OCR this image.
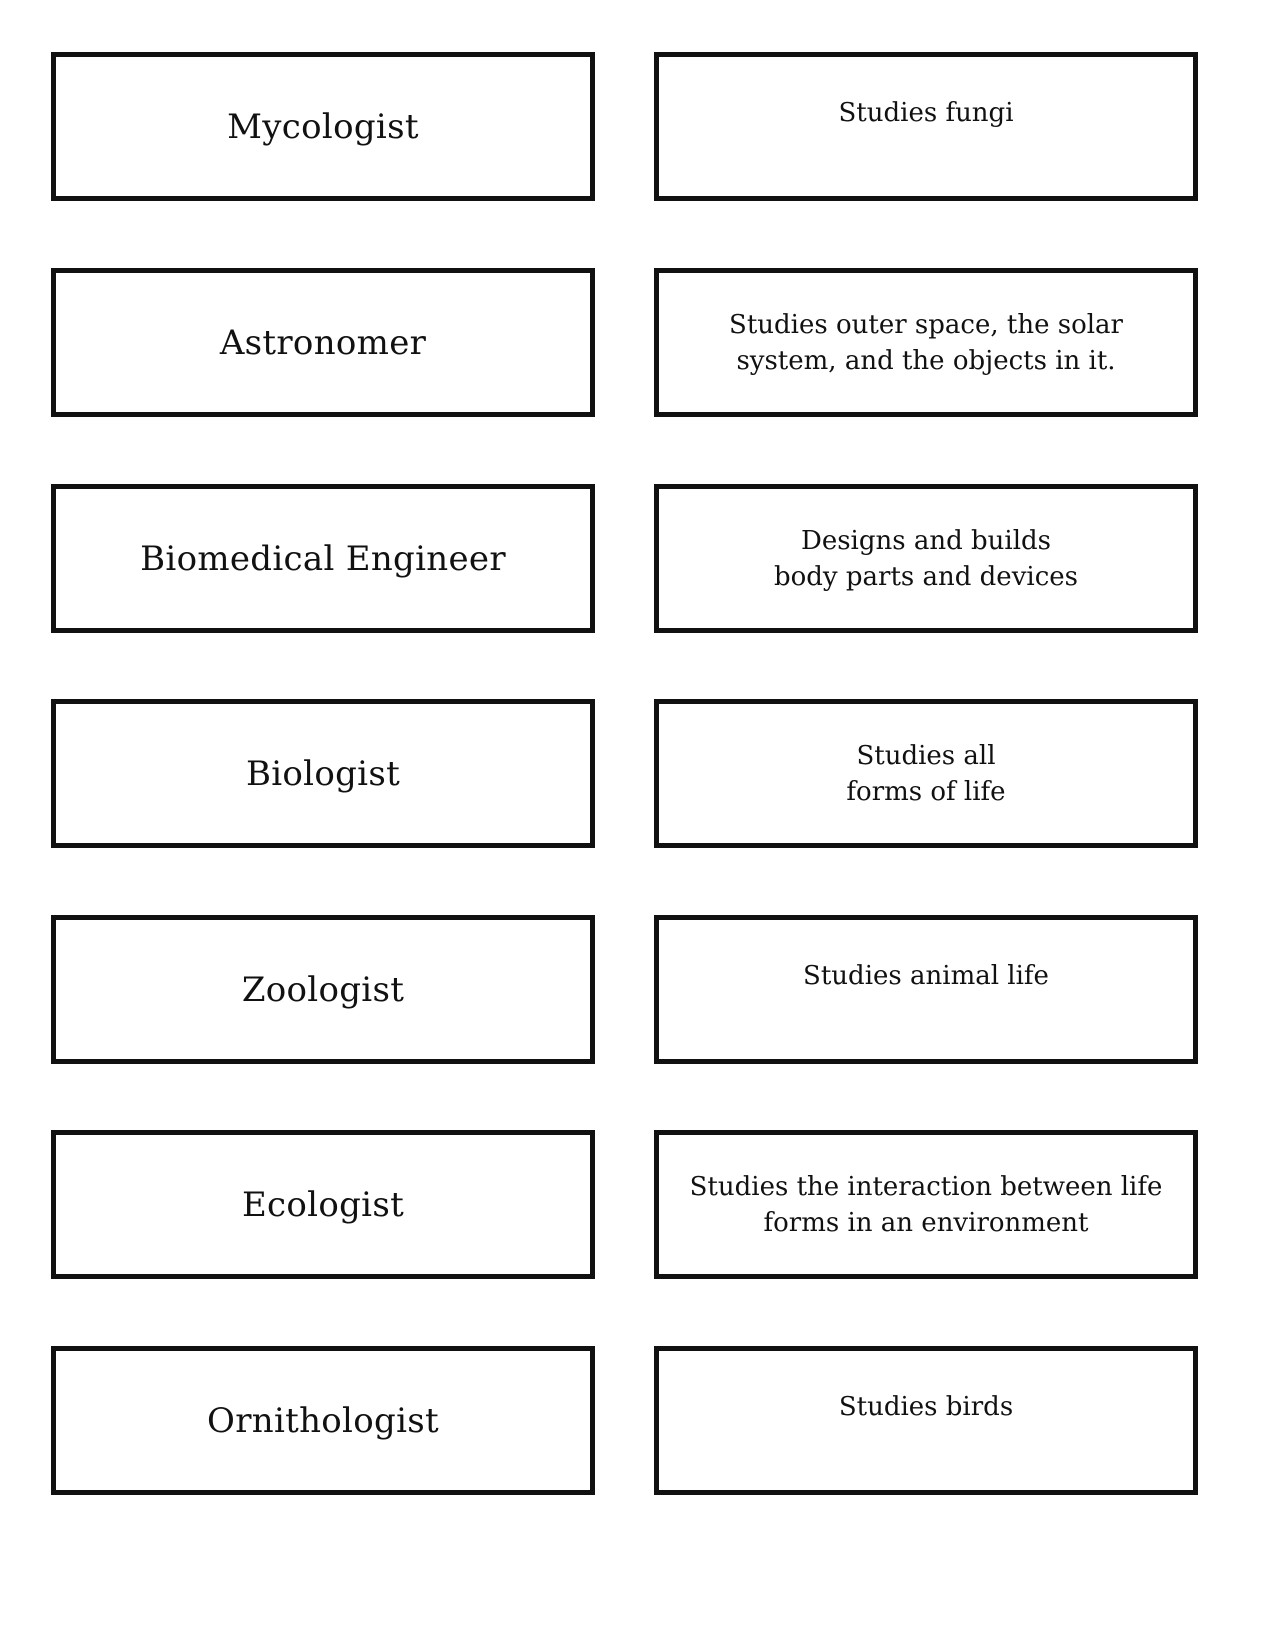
Mycologist	Studies fungi
Astronomer	Studies outer space, the solar
system, and the objects in it.
Biomedical Engineer	Designs and builds
body parts and devices
Biologist	Studies all
forms of life
Zoologist	Studies animal life
Ecologist	Studies the interaction between life
forms in an environment
Ornithologist	Studies birds
